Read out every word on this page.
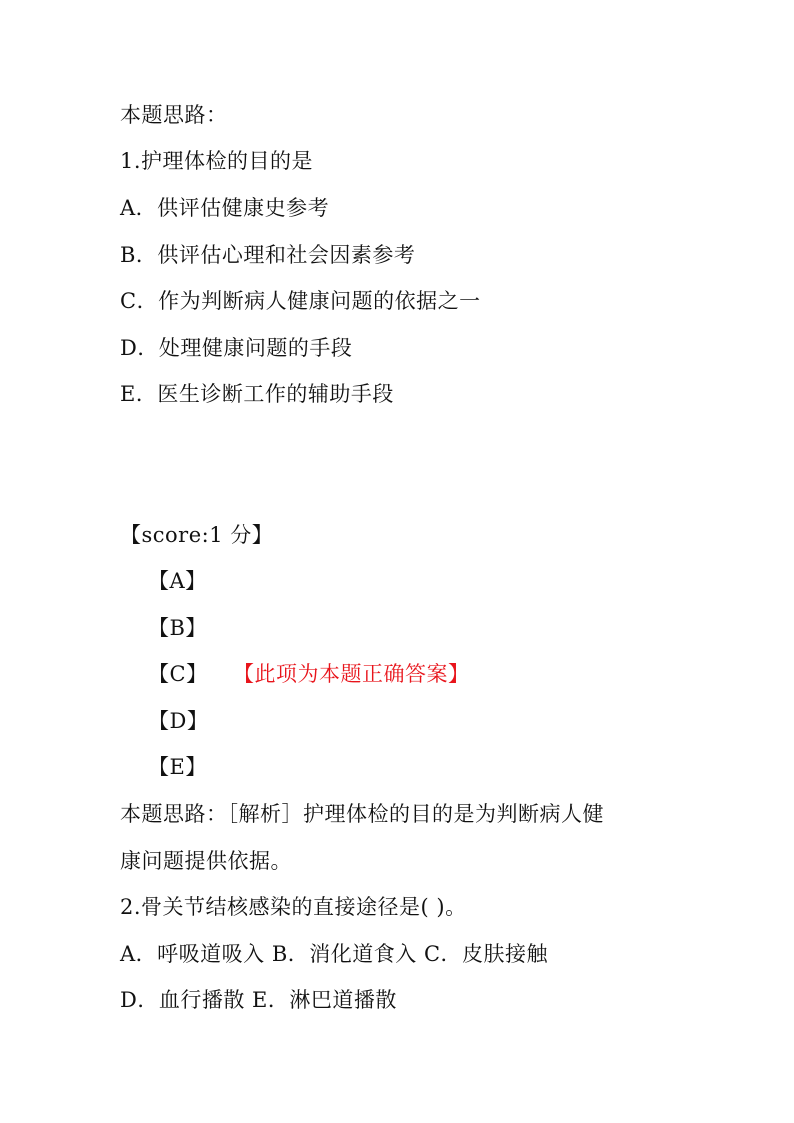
本题思路：
1.护理体检的目的是
A．供评估健康史参考
B．供评估心理和社会因素参考
C．作为判断病人健康问题的依据之一
D．处理健康问题的手段
E．医生诊断工作的辅助手段
【score:1 分】
【A】
【B】
【C】 【此项为本题正确答案】
【D】
【E】
本题思路：［解析］护理体检的目的是为判断病人健
康问题提供依据。
2.骨关节结核感染的直接途径是( )。
A．呼吸道吸入 B．消化道食入 C．皮肤接触
D．血行播散 E．淋巴道播散
